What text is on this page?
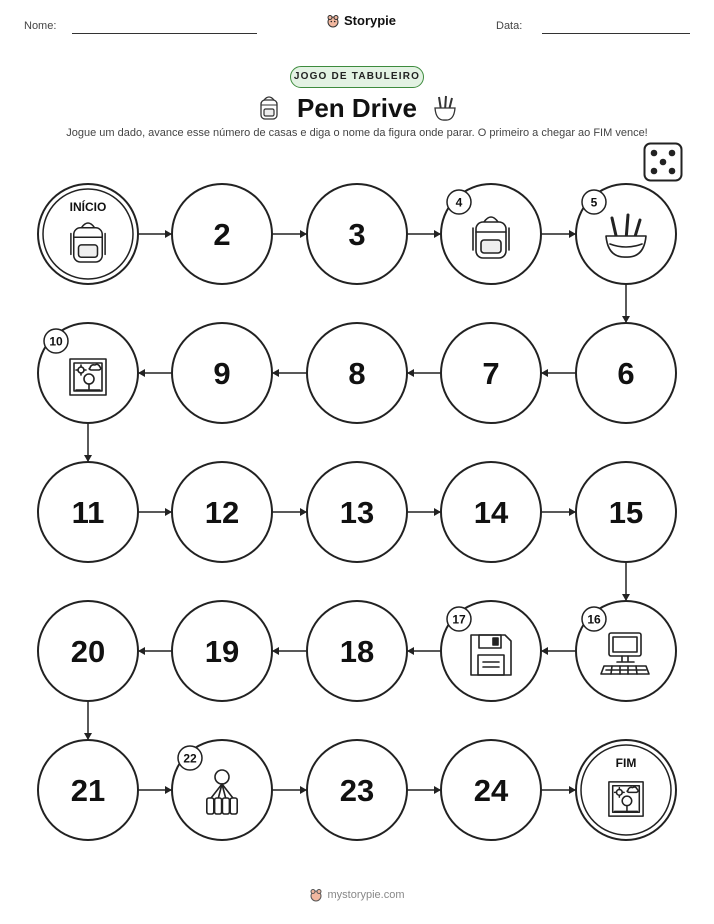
Nome:	Storypie	Data:
JOGO DE TABULEIRO
Pen Drive
Jogue um dado, avance esse número de casas e diga o nome da figura onde parar. O primeiro a chegar ao FIM vence!
INÍCIO
2	3
4	5
10
9	8	7	6
11	12	13	14	15
20	19	18
17	16
21
22
23	24
FIM
mystorypie.com
